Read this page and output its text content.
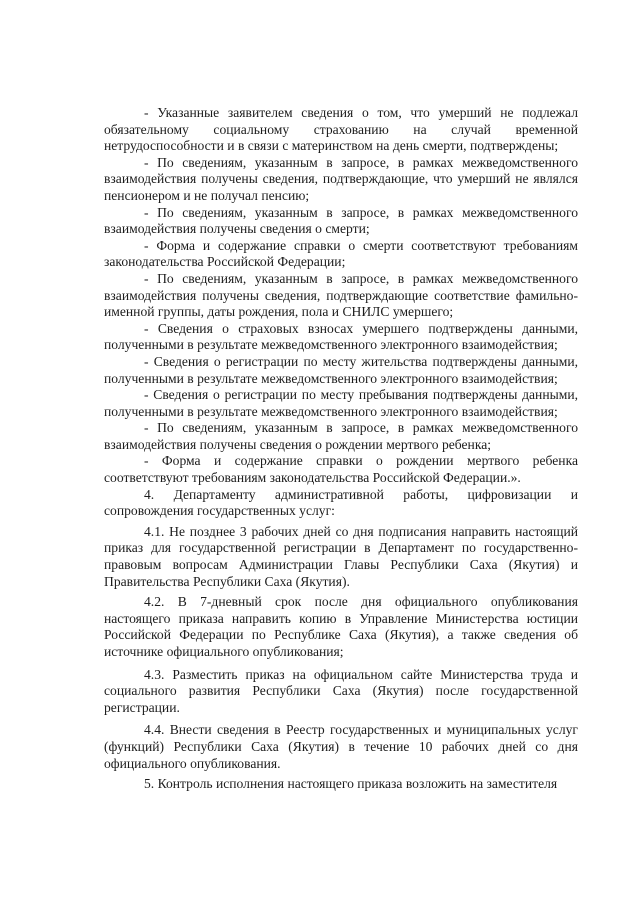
- Указанные заявителем сведения о том, что умерший не подлежал обязательному социальному страхованию на случай временной нетрудоспособности и в связи с материнством на день смерти, подтверждены;

- По сведениям, указанным в запросе, в рамках межведомственного взаимодействия получены сведения, подтверждающие, что умерший не являлся пенсионером и не получал пенсию;

- По сведениям, указанным в запросе, в рамках межведомственного взаимодействия получены сведения о смерти;

- Форма и содержание справки о смерти соответствуют требованиям законодательства Российской Федерации;

- По сведениям, указанным в запросе, в рамках межведомственного взаимодействия получены сведения, подтверждающие соответствие фамильно- именной группы, даты рождения, пола и СНИЛС умершего;

- Сведения о страховых взносах умершего подтверждены данными, полученными в результате межведомственного электронного взаимодействия;

- Сведения о регистрации по месту жительства подтверждены данными, полученными в результате межведомственного электронного взаимодействия;

- Сведения о регистрации по месту пребывания подтверждены данными, полученными в результате межведомственного электронного взаимодействия;

- По сведениям, указанным в запросе, в рамках межведомственного взаимодействия получены сведения о рождении мертвого ребенка;

- Форма и содержание справки о рождении мертвого ребенка соответствуют требованиям законодательства Российской Федерации.».

4. Департаменту административной работы, цифровизации и сопровождения государственных услуг:

4.1. Не позднее 3 рабочих дней со дня подписания направить настоящий приказ для государственной регистрации в Департамент по государственно-правовым вопросам Администрации Главы Республики Саха (Якутия) и Правительства Республики Саха (Якутия).

4.2. В 7-дневный срок после дня официального опубликования настоящего приказа направить копию в Управление Министерства юстиции Российской Федерации по Республике Саха (Якутия), а также сведения об источнике официального опубликования;

4.3. Разместить приказ на официальном сайте Министерства труда и социального развития Республики Саха (Якутия) после государственной регистрации.

4.4. Внести сведения в Реестр государственных и муниципальных услуг (функций) Республики Саха (Якутия) в течение 10 рабочих дней со дня официального опубликования.

5. Контроль исполнения настоящего приказа возложить на заместителя
